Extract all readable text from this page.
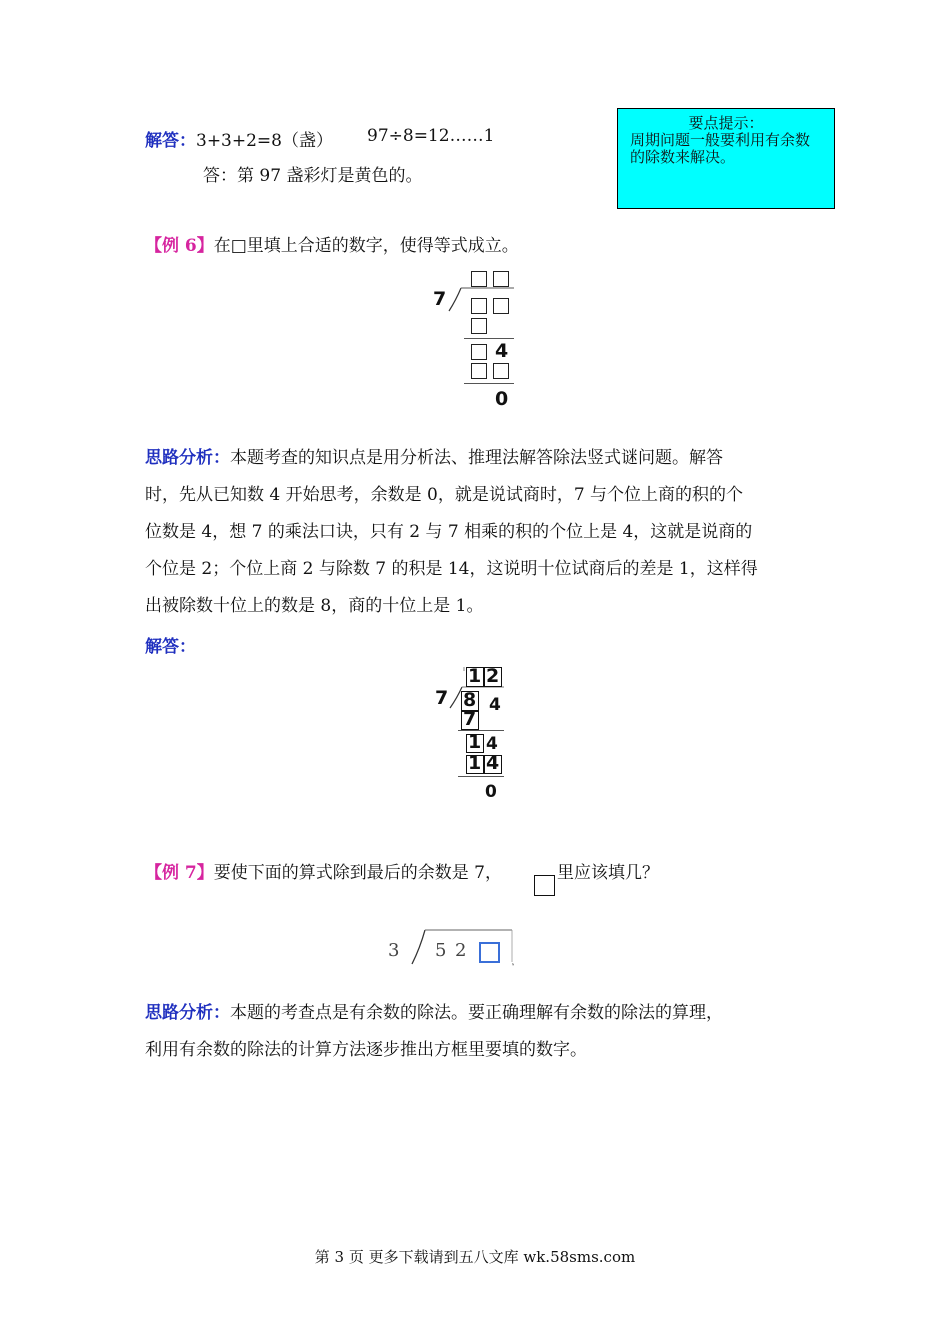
解答：3+3+2=8（盏） 97÷8=12……1
答：第 97 盏彩灯是黄色的。
要点提示：
周期问题一般要利用有余数的除数来解决。
【例 6】在□里填上合适的数字，使得等式成立。
7
4
0
思路分析：本题考查的知识点是用分析法、推理法解答除法竖式谜问题。解答
时，先从已知数 4 开始思考，余数是 0，就是说试商时，7 与个位上商的积的个
位数是 4，想 7 的乘法口诀，只有 2 与 7 相乘的积的个位上是 4，这就是说商的
个位是 2；个位上商 2 与除数 7 的积是 14，这说明十位试商后的差是 1，这样得
出被除数十位上的数是 8，商的十位上是 1。
解答：
1 2
7 8 4
7
1 4
1 4
0
【例 7】要使下面的算式除到最后的余数是 7，	里应该填几？
3 5 2
思路分析：本题的考查点是有余数的除法。要正确理解有余数的除法的算理，
利用有余数的除法的计算方法逐步推出方框里要填的数字。
第 3 页 更多下载请到五八文库 wk.58sms.com
